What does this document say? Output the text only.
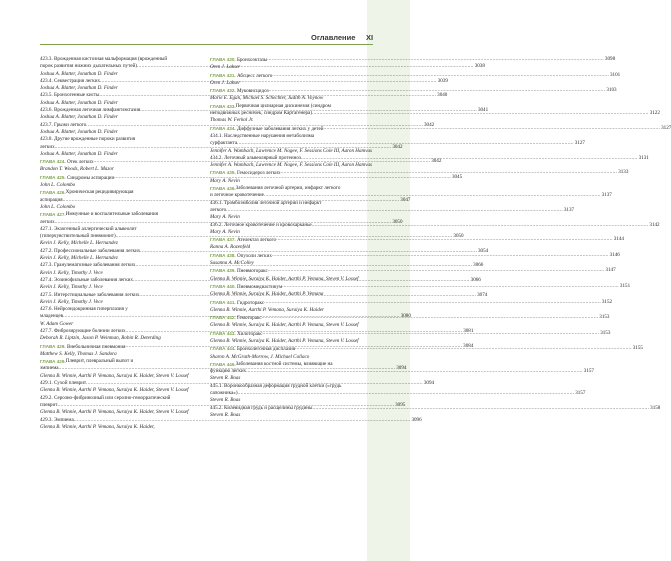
Оглавление XI
423.3. Врожденная кистозная мальформация (врожденный
порок развития нижних дыхательных путей) .....	3038
Joshua A. Blatter, Jonathan D. Finder
423.4. Секвестрация легких .....	3039
Joshua A. Blatter, Jonathan D. Finder
423.5. Бронхогенные кисты .....	3040
Joshua A. Blatter, Jonathan D. Finder
423.6. Врожденная легочная лимфангиэктазия .....	3041
Joshua A. Blatter, Jonathan D. Finder
423.7. Грыжи легкого .....	3042
Joshua A. Blatter, Jonathan D. Finder
423.8. Другие врожденные пороки развития
легких .....	3042
Joshua A. Blatter, Jonathan D. Finder
ГЛАВА 424. Отек легких .....	3042
Brandon T. Woods, Robert L. Mazor
ГЛАВА 425. Синдромы аспирации .....	3045
John L. Colombo
ГЛАВА 426. Хроническая рецидивирующая
аспирация .....	3047
John L. Colombo
ГЛАВА 427. Иммунные и воспалительные заболевания
легких .....	3050
427.1. Экзогенный аллергический альвеолит
(гиперчувствительный пневмонит) .....	3050
Kevin J. Kelly, Michelle L. Hernandez
427.2. Профессиональные заболевания легких .....	3054
Kevin J. Kelly, Michelle L. Hernandez
427.3. Гранулематозные заболевания легких .....	3066
Kevin J. Kelly, Timothy J. Vece
427.4. Эозинофильные заболевания легких .....	3066
Kevin J. Kelly, Timothy J. Vece
427.5. Интерстициальные заболевания легких .....	3074
Kevin J. Kelly, Timothy J. Vece
427.6. Нейроэндокринная гиперплазия у
младенцев .....	3080
W. Adam Gower
427.7. Фиброзирующие болезни легких .....	3081
Deborah R. Liptzin, Jason P. Weinman, Robin R. Deterding
ГЛАВА 428. Внебольничная пневмония .....	3084
Matthew S. Kelly, Thomas J. Sandora
ГЛАВА 429. Плеврит, плевральный выпот и
эмпиема .....	3094
Glenna B. Winnie, Aarthi P. Vemana, Suraiya K. Haider, Steven V. Lossef
429.1. Сухой плеврит .....	3094
Glenna B. Winnie, Aarthi P. Vemana, Suraiya K. Haider, Steven V. Lossef
429.2. Серозно-фибринозный или серозно-геморрагический
плеврит .....	3095
Glenna B. Winnie, Aarthi P. Vemana, Suraiya K. Haider, Steven V. Lossef
429.3. Эмпиема .....	3096
Glenna B. Winnie, Aarthi P. Vemana, Suraiya K. Haider,
ГЛАВА 430. Бронхоэктазы .....	3098
Oren J. Lakser
ГЛАВА 431. Абсцесс легкого .....	3101
Oren J. Lakser
ГЛАВА 432. Муковисцидоз .....	3103
Marie E. Egan, Michael S. Schechter, Judith A. Voynow
ГЛАВА 433. Первичная цилиарная дискинезия (синдром
неподвижных ресничек, синдром Картагенера) .....	3122
Thomas W. Ferkol Jr.
ГЛАВА 434. Диффузные заболевания легких у детей .....	3127
434.1. Наследственные нарушения метаболизма
сурфактанта .....	3127
Jennifer A. Wambach, Lawrence M. Nogee, F. Sessions Cole III, Aaron Hamvas
434.2. Легочный альвеолярный протеиноз .....	3131
Jennifer A. Wambach, Lawrence M. Nogee, F. Sessions Cole III, Aaron Hamvas
ГЛАВА 435. Гемосидероз легких .....	3133
Mary A. Nevin
ГЛАВА 436. Заболевания легочной артерии, инфаркт легкого
и легочное кровотечение .....	3137
436.1. Тромбоэмболия легочной артерии и инфаркт
легкого .....	3137
Mary A. Nevin
436.2. Легочное кровотечение и кровохарканье .....	3142
Mary A. Nevin
ГЛАВА 437. Ателектаз легкого .....	3144
Ranna A. Rozenfeld
ГЛАВА 438. Опухоли легких .....	3146
Susanna A. McColley
ГЛАВА 439. Пневмоторакс .....	3147
Glenna B. Winnie, Suraiya K. Haider, Aarthi P. Vemana, Steven V. Lossef
ГЛАВА 440. Пневмомедиастинум .....	3151
Glenna B. Winnie, Suraiya K. Haider, Aarthi P. Vemana
ГЛАВА 441. Гидроторакс .....	3152
Glenna B. Winnie, Aarthi P. Vemana, Suraiya K. Haider
ГЛАВА 442. Гемоторакс .....	3153
Glenna B. Winnie, Suraiya K. Haider, Aarthi P. Vemana, Steven V. Lossef
ГЛАВА 443. Хилоторакс .....	3153
Glenna B. Winnie, Suraiya K. Haider, Aarthi P. Vemana, Steven V. Lossef
ГЛАВА 444. Бронхолегочная дисплазия .....	3155
Sharon A. McGrath-Morrow, J. Michael Collaco
ГЛАВА 445. Заболевания костной системы, влияющие на
функцию легких .....	3157
Steven R. Boas
445.1. Воронкообразная деформация грудной клетки («грудь
сапожника») .....	3157
Steven R. Boas
445.2. Килевидная грудь и расщелины грудины .....	3158
Steven R. Boas
